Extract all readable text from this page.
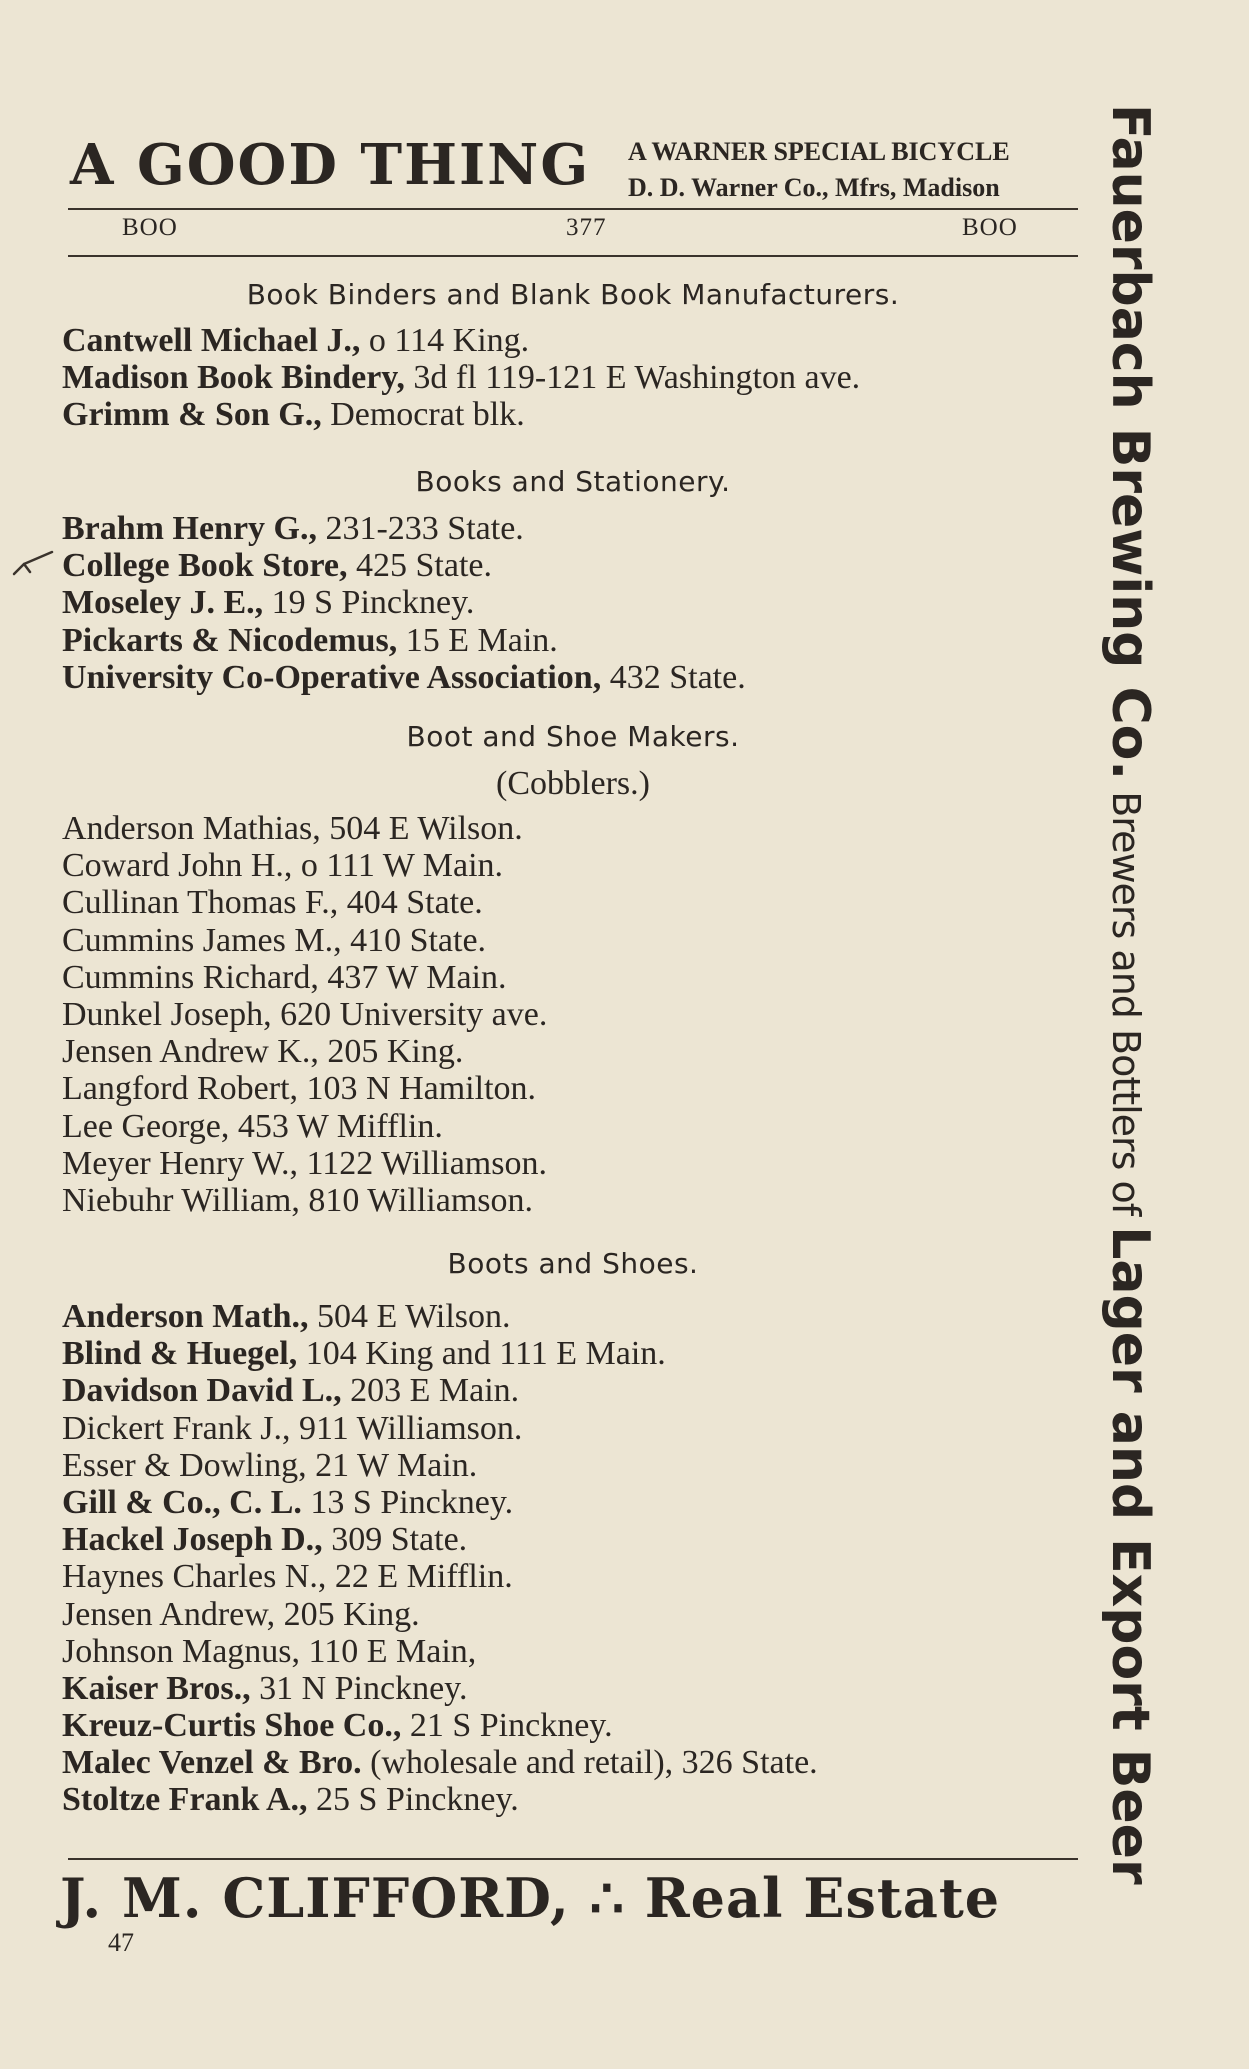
A GOOD THING A WARNER SPECIAL BICYCLE
D. D. Warner Co., Mfrs, Madison
BOO	377	BOO
Book Binders and Blank Book Manufacturers.
Cantwell Michael J., o 114 King.
Madison Book Bindery, 3d fl 119-121 E Washington ave.
Grimm & Son G., Democrat blk.
Books and Stationery.
Brahm Henry G., 231-233 State.
College Book Store, 425 State.
Moseley J. E., 19 S Pinckney.
Pickarts & Nicodemus, 15 E Main.
University Co-Operative Association, 432 State.
Boot and Shoe Makers.
(Cobblers.)
Anderson Mathias, 504 E Wilson.
Coward John H., o 111 W Main.
Cullinan Thomas F., 404 State.
Cummins James M., 410 State.
Cummins Richard, 437 W Main.
Dunkel Joseph, 620 University ave.
Jensen Andrew K., 205 King.
Langford Robert, 103 N Hamilton.
Lee George, 453 W Mifflin.
Meyer Henry W., 1122 Williamson.
Niebuhr William, 810 Williamson.
Boots and Shoes.
Anderson Math., 504 E Wilson.
Blind & Huegel, 104 King and 111 E Main.
Davidson David L., 203 E Main.
Dickert Frank J., 911 Williamson.
Esser & Dowling, 21 W Main.
Gill & Co., C. L. 13 S Pinckney.
Hackel Joseph D., 309 State.
Haynes Charles N., 22 E Mifflin.
Jensen Andrew, 205 King.
Johnson Magnus, 110 E Main,
Kaiser Bros., 31 N Pinckney.
Kreuz-Curtis Shoe Co., 21 S Pinckney.
Malec Venzel & Bro. (wholesale and retail), 326 State.
Stoltze Frank A., 25 S Pinckney.
J. M. CLIFFORD, ∴ Real Estate
47
Fauerbach Brewing Co. Brewers and Bottlers of Lager and Export Beer
